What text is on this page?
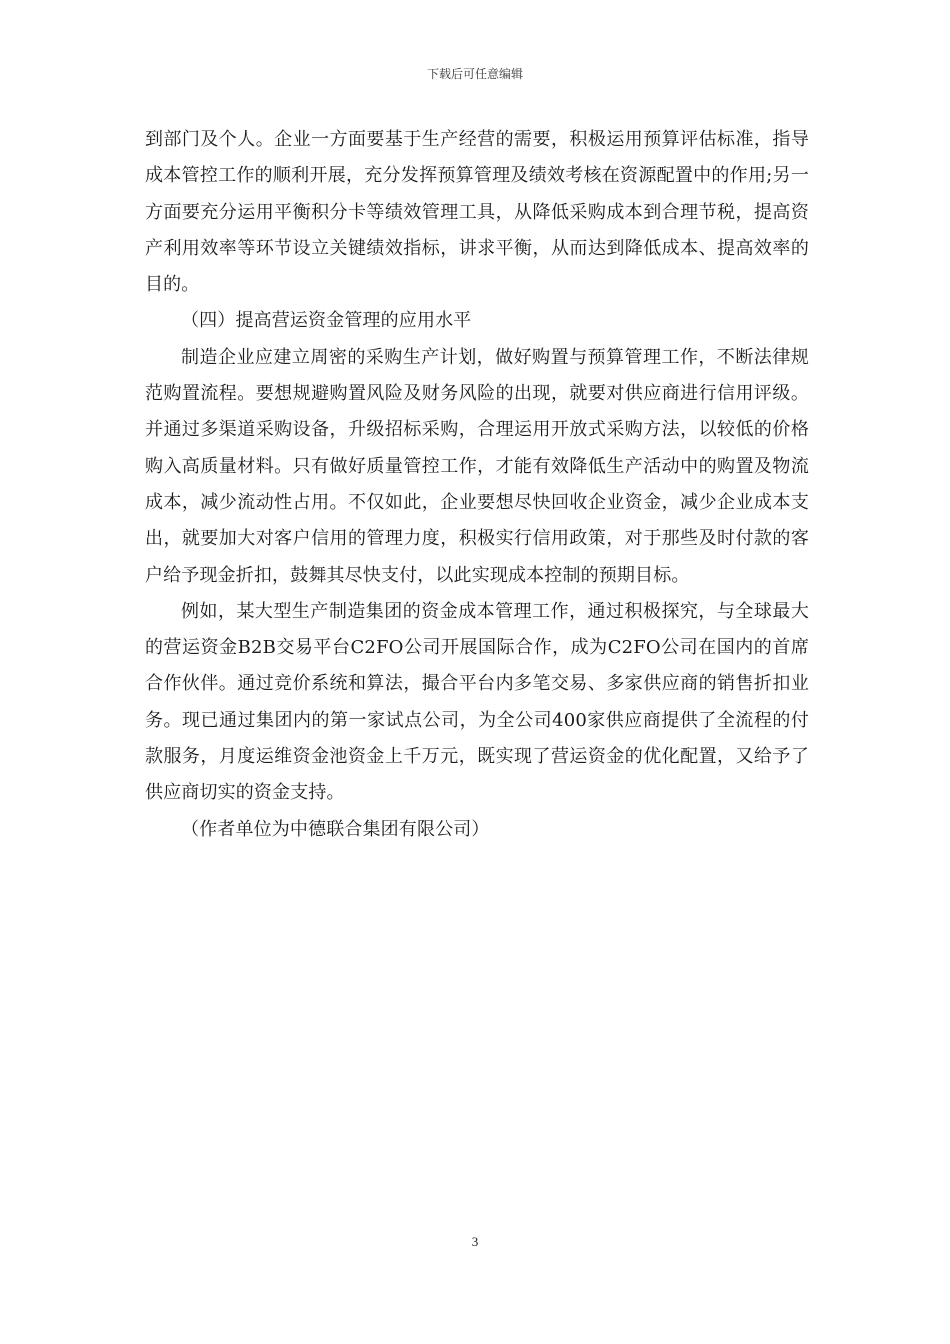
下载后可任意编辑

到部门及个人。企业一方面要基于生产经营的需要，积极运用预算评估标准，指导成本管控工作的顺利开展，充分发挥预算管理及绩效考核在资源配置中的作用;另一方面要充分运用平衡积分卡等绩效管理工具，从降低采购成本到合理节税，提高资产利用效率等环节设立关键绩效指标，讲求平衡，从而达到降低成本、提高效率的目的。

（四）提高营运资金管理的应用水平

制造企业应建立周密的采购生产计划，做好购置与预算管理工作，不断法律规范购置流程。要想规避购置风险及财务风险的出现，就要对供应商进行信用评级。并通过多渠道采购设备，升级招标采购，合理运用开放式采购方法，以较低的价格购入高质量材料。只有做好质量管控工作，才能有效降低生产活动中的购置及物流成本，减少流动性占用。不仅如此，企业要想尽快回收企业资金，减少企业成本支出，就要加大对客户信用的管理力度，积极实行信用政策，对于那些及时付款的客户给予现金折扣，鼓舞其尽快支付，以此实现成本控制的预期目标。

例如，某大型生产制造集团的资金成本管理工作，通过积极探究，与全球最大的营运资金B2B交易平台C2FO公司开展国际合作，成为C2FO公司在国内的首席合作伙伴。通过竞价系统和算法，撮合平台内多笔交易、多家供应商的销售折扣业务。现已通过集团内的第一家试点公司，为全公司400家供应商提供了全流程的付款服务，月度运维资金池资金上千万元，既实现了营运资金的优化配置，又给予了供应商切实的资金支持。

（作者单位为中德联合集团有限公司）

3
